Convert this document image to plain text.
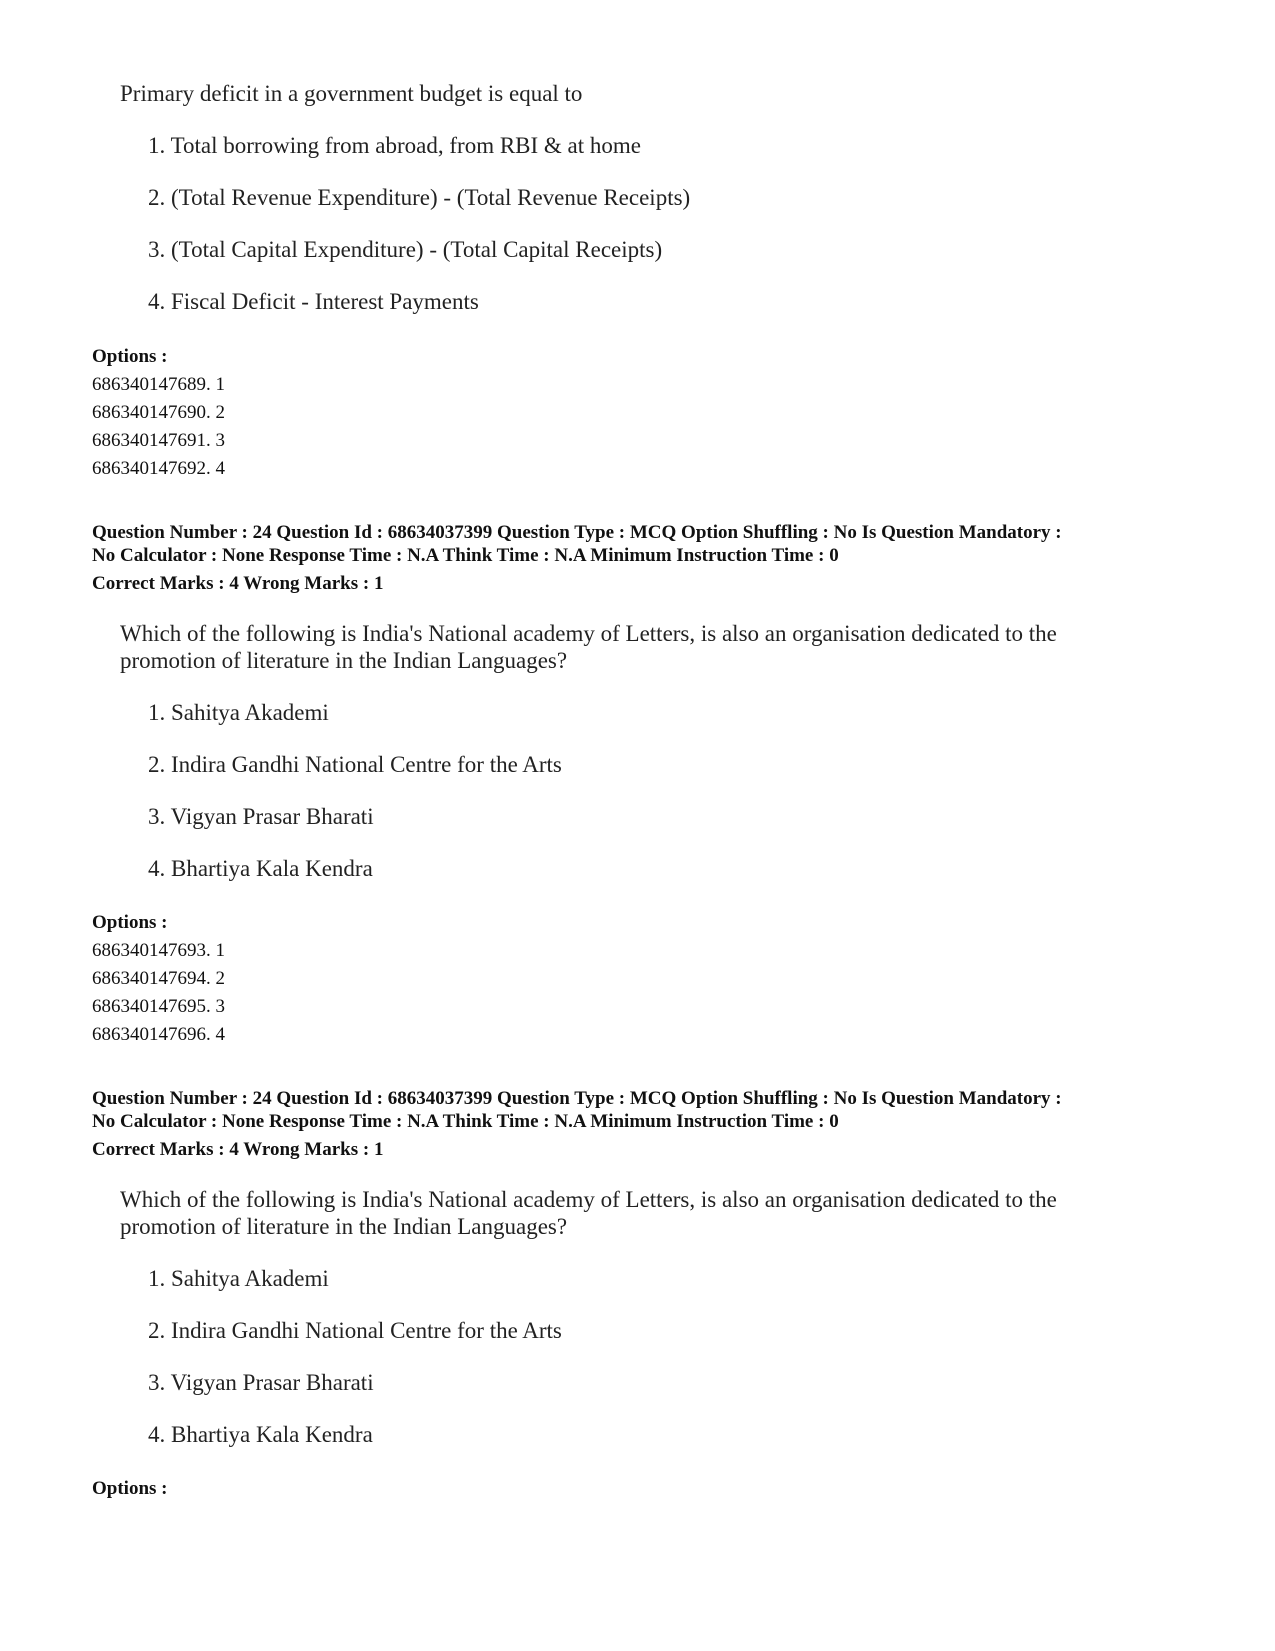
Primary deficit in a government budget is equal to
1. Total borrowing from abroad, from RBI & at home
2. (Total Revenue Expenditure) - (Total Revenue Receipts)
3. (Total Capital Expenditure) - (Total Capital Receipts)
4. Fiscal Deficit - Interest Payments
Options :
686340147689. 1
686340147690. 2
686340147691. 3
686340147692. 4
Question Number : 24 Question Id : 68634037399 Question Type : MCQ Option Shuffling : No Is Question Mandatory :
No Calculator : None Response Time : N.A Think Time : N.A Minimum Instruction Time : 0
Correct Marks : 4 Wrong Marks : 1
Which of the following is India's National academy of Letters, is also an organisation dedicated to the
promotion of literature in the Indian Languages?
1. Sahitya Akademi
2. Indira Gandhi National Centre for the Arts
3. Vigyan Prasar Bharati
4. Bhartiya Kala Kendra
Options :
686340147693. 1
686340147694. 2
686340147695. 3
686340147696. 4
Question Number : 24 Question Id : 68634037399 Question Type : MCQ Option Shuffling : No Is Question Mandatory :
No Calculator : None Response Time : N.A Think Time : N.A Minimum Instruction Time : 0
Correct Marks : 4 Wrong Marks : 1
Which of the following is India's National academy of Letters, is also an organisation dedicated to the
promotion of literature in the Indian Languages?
1. Sahitya Akademi
2. Indira Gandhi National Centre for the Arts
3. Vigyan Prasar Bharati
4. Bhartiya Kala Kendra
Options :
